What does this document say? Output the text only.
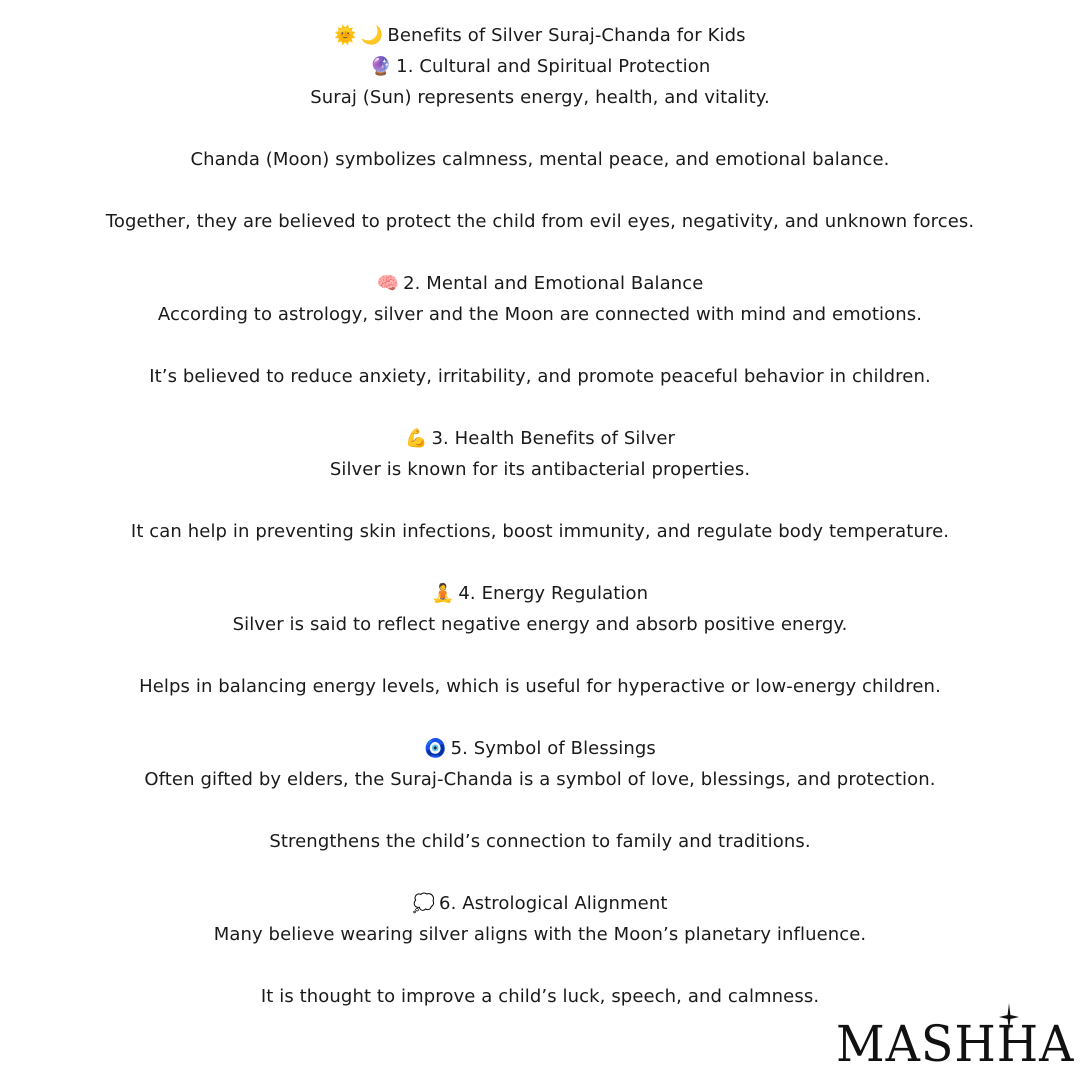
🌞 🌙 Benefits of Silver Suraj-Chanda for Kids
🔮 1. Cultural and Spiritual Protection
Suraj (Sun) represents energy, health, and vitality.
Chanda (Moon) symbolizes calmness, mental peace, and emotional balance.
Together, they are believed to protect the child from evil eyes, negativity, and unknown forces.
🧠 2. Mental and Emotional Balance
According to astrology, silver and the Moon are connected with mind and emotions.
It’s believed to reduce anxiety, irritability, and promote peaceful behavior in children.
💪 3. Health Benefits of Silver
Silver is known for its antibacterial properties.
It can help in preventing skin infections, boost immunity, and regulate body temperature.
🧘 4. Energy Regulation
Silver is said to reflect negative energy and absorb positive energy.
Helps in balancing energy levels, which is useful for hyperactive or low-energy children.
🧿 5. Symbol of Blessings
Often gifted by elders, the Suraj-Chanda is a symbol of love, blessings, and protection.
Strengthens the child’s connection to family and traditions.
💭 6. Astrological Alignment
Many believe wearing silver aligns with the Moon’s planetary influence.
It is thought to improve a child’s luck, speech, and calmness.
MASHHA
